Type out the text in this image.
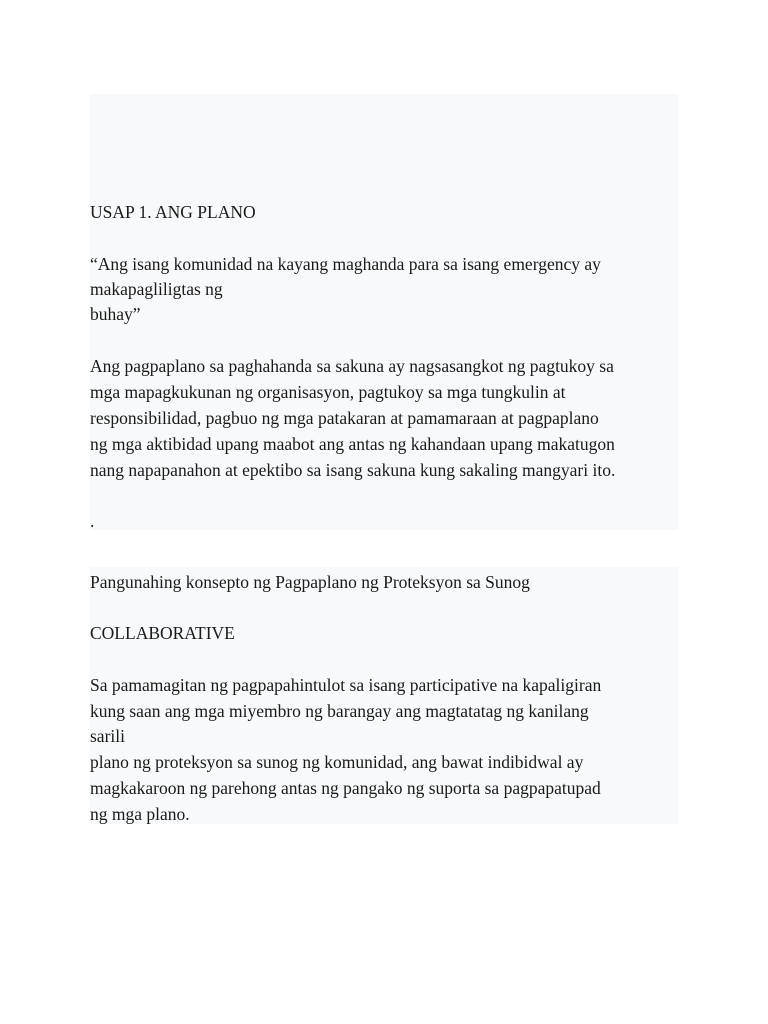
USAP 1. ANG PLANO

“Ang isang komunidad na kayang maghanda para sa isang emergency ay

makapagliligtas ng

buhay”

Ang pagpaplano sa paghahanda sa sakuna ay nagsasangkot ng pagtukoy sa

mga mapagkukunan ng organisasyon, pagtukoy sa mga tungkulin at

responsibilidad, pagbuo ng mga patakaran at pamamaraan at pagpaplano

ng mga aktibidad upang maabot ang antas ng kahandaan upang makatugon

nang napapanahon at epektibo sa isang sakuna kung sakaling mangyari ito.

.

Pangunahing konsepto ng Pagpaplano ng Proteksyon sa Sunog

COLLABORATIVE

Sa pamamagitan ng pagpapahintulot sa isang participative na kapaligiran

kung saan ang mga miyembro ng barangay ang magtatatag ng kanilang

sarili

plano ng proteksyon sa sunog ng komunidad, ang bawat indibidwal ay

magkakaroon ng parehong antas ng pangako ng suporta sa pagpapatupad

ng mga plano.
